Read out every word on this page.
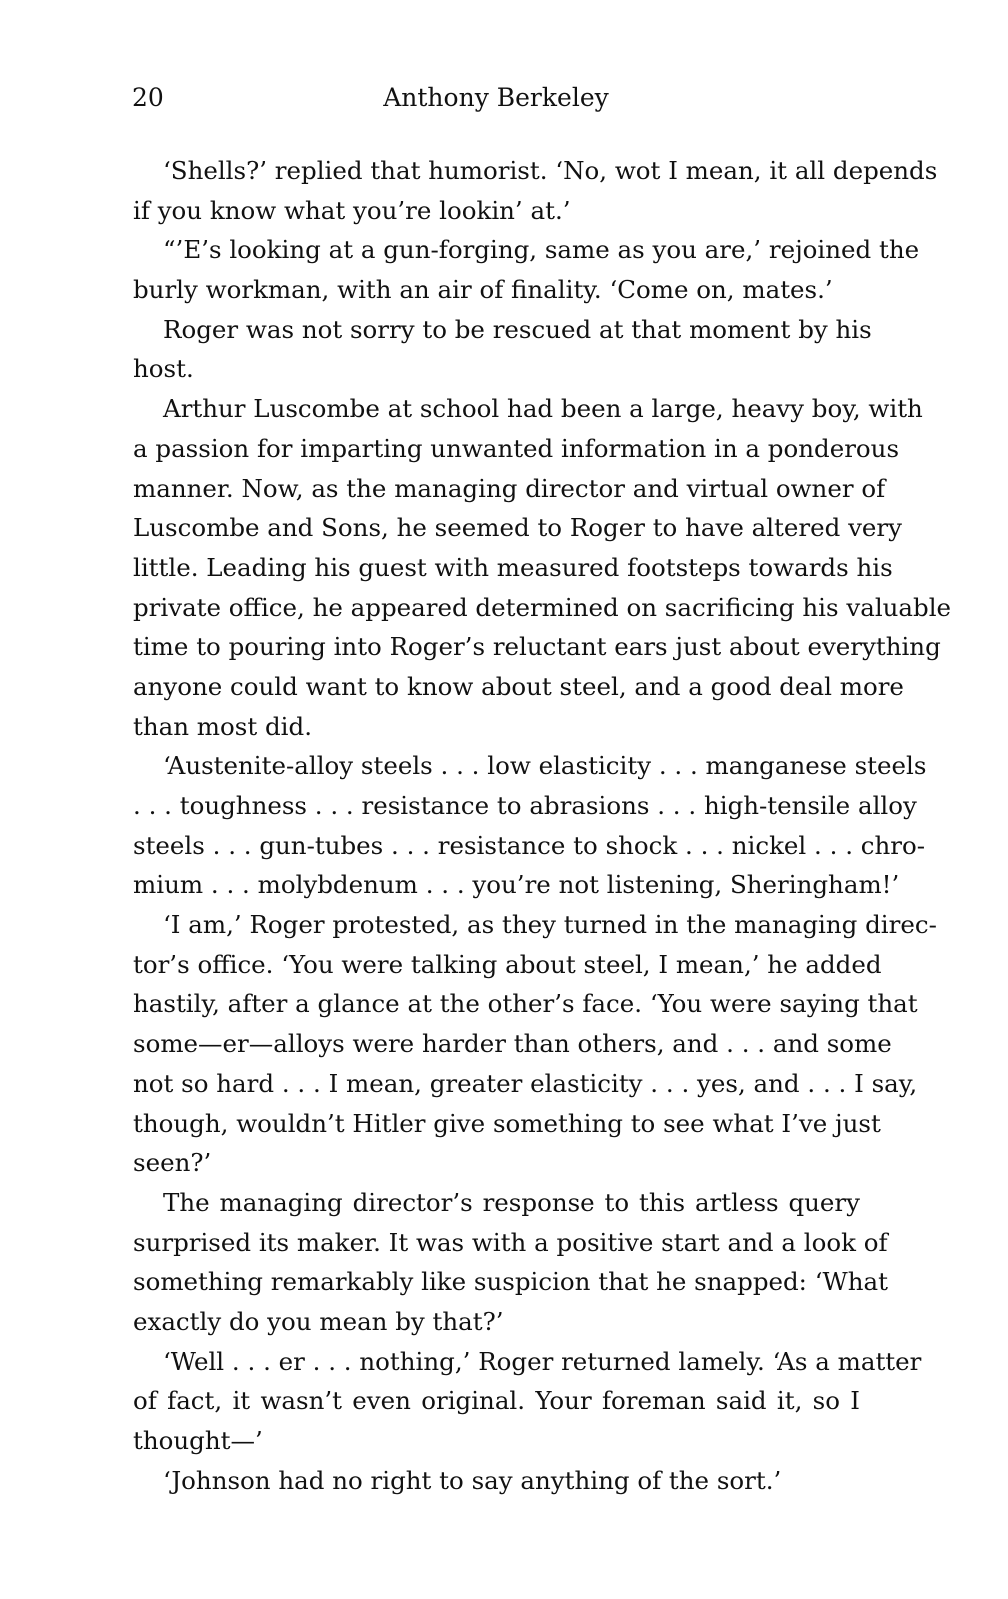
20	Anthony Berkeley
‘Shells?’ replied that humorist. ‘No, wot I mean, it all depends
if you know what you’re lookin’ at.’
“’E’s looking at a gun-forging, same as you are,’ rejoined the
burly workman, with an air of finality. ‘Come on, mates.’
Roger was not sorry to be rescued at that moment by his
host.
Arthur Luscombe at school had been a large, heavy boy, with
a passion for imparting unwanted information in a ponderous
manner. Now, as the managing director and virtual owner of
Luscombe and Sons, he seemed to Roger to have altered very
little. Leading his guest with measured footsteps towards his
private office, he appeared determined on sacrificing his valuable
time to pouring into Roger’s reluctant ears just about everything
anyone could want to know about steel, and a good deal more
than most did.
‘Austenite-alloy steels . . . low elasticity . . . manganese steels
. . . toughness . . . resistance to abrasions . . . high-tensile alloy
steels . . . gun-tubes . . . resistance to shock . . . nickel . . . chro-
mium . . . molybdenum . . . you’re not listening, Sheringham!’
‘I am,’ Roger protested, as they turned in the managing direc-
tor’s office. ‘You were talking about steel, I mean,’ he added
hastily, after a glance at the other’s face. ‘You were saying that
some—er—alloys were harder than others, and . . . and some
not so hard . . . I mean, greater elasticity . . . yes, and . . . I say,
though, wouldn’t Hitler give something to see what I’ve just
seen?’
The managing director’s response to this artless query
surprised its maker. It was with a positive start and a look of
something remarkably like suspicion that he snapped: ‘What
exactly do you mean by that?’
‘Well . . . er . . . nothing,’ Roger returned lamely. ‘As a matter
of fact, it wasn’t even original. Your foreman said it, so I
thought—’
‘Johnson had no right to say anything of the sort.’
